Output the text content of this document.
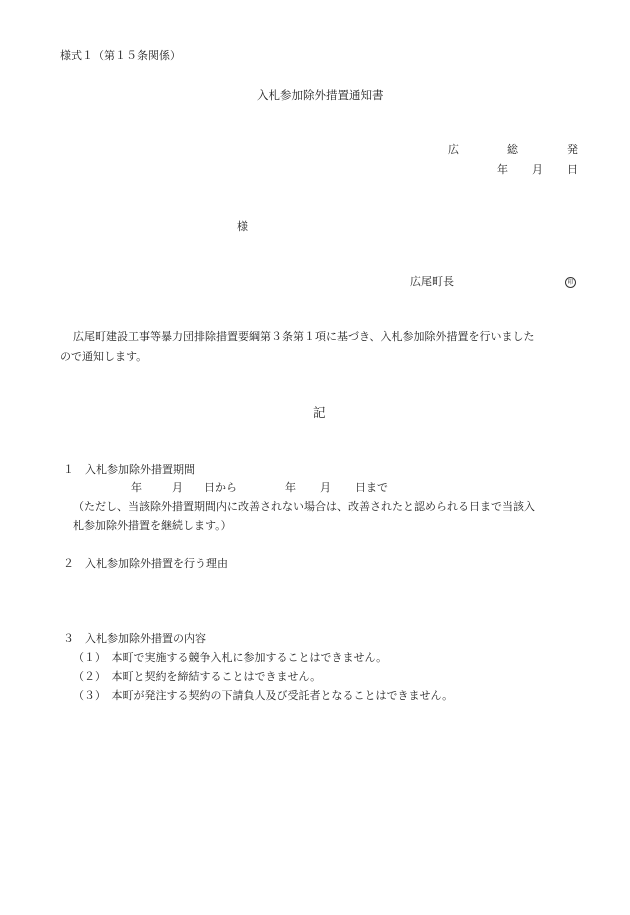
様式１（第１５条関係）
入札参加除外措置通知書
広	総	発
年 月 日
様
広尾町長	印
広尾町建設工事等暴力団排除措置要綱第３条第１項に基づき、入札参加除外措置を行いました
ので通知します。
記
１　入札参加除外措置期間
年	月 日から	年 月 日まで
（ただし、当該除外措置期間内に改善されない場合は、改善されたと認められる日まで当該入
札参加除外措置を継続します。）
２　入札参加除外措置を行う理由
３　入札参加除外措置の内容
（１）　本町で実施する競争入札に参加することはできません。
（２）　本町と契約を締結することはできません。
（３）　本町が発注する契約の下請負人及び受託者となることはできません。
